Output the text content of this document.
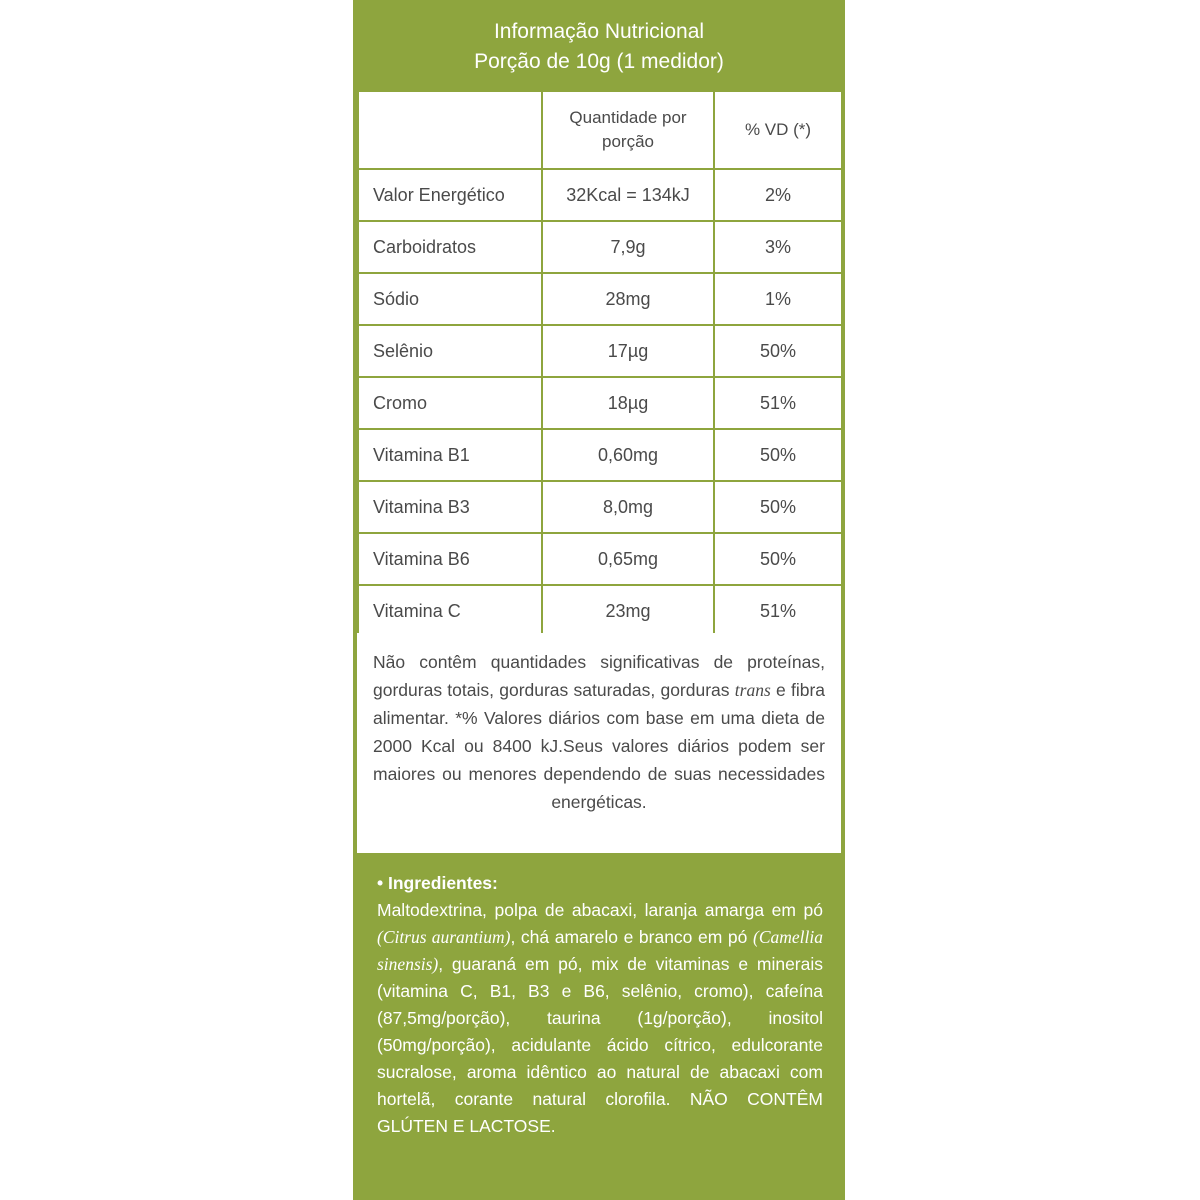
Informação Nutricional
Porção de 10g (1 medidor)
	Quantidade por porção	% VD (*)
Valor Energético	32Kcal = 134kJ	2%
Carboidratos	7,9g	3%
Sódio	28mg	1%
Selênio	17µg	50%
Cromo	18µg	51%
Vitamina B1	0,60mg	50%
Vitamina B3	8,0mg	50%
Vitamina B6	0,65mg	50%
Vitamina C	23mg	51%
Não contêm quantidades significativas de proteínas, gorduras totais, gorduras saturadas, gorduras trans e fibra alimentar. *% Valores diários com base em uma dieta de 2000 Kcal ou 8400 kJ.Seus valores diários podem ser maiores ou menores dependendo de suas necessidades energéticas.
• Ingredientes:
Maltodextrina, polpa de abacaxi, laranja amarga em pó (Citrus aurantium), chá amarelo e branco em pó (Camellia sinensis), guaraná em pó, mix de vitaminas e minerais (vitamina C, B1, B3 e B6, selênio, cromo), cafeína (87,5mg/porção), taurina (1g/porção), inositol (50mg/porção), acidulante ácido cítrico, edulcorante sucralose, aroma idêntico ao natural de abacaxi com hortelã, corante natural clorofila. NÃO CONTÊM GLÚTEN E LACTOSE.
